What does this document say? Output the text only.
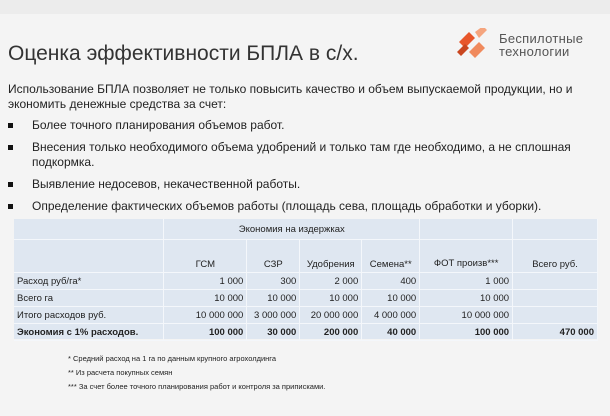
Оценка эффективности БПЛА в с/х.
Беспилотные
технологии
Использование БПЛА позволяет не только повысить качество и объем выпускаемой продукции, но и экономить денежные средства за счет:
Более точного планирования объемов работ.
Внесения только необходимого объема удобрений и только там где необходимо, а не сплошная подкормка.
Выявление недосевов, некачественной работы.
Определение фактических объемов работы (площадь сева, площадь обработки и уборки).
	Экономия на издержках					
	ГСМ	СЗР	Удобрения	Семена**	ФОТ произв***	Всего руб.
Расход руб/га*	1 000	300	2 000	400	1 000	
Всего га	10 000	10 000	10 000	10 000	10 000	
Итого расходов руб.	10 000 000	3 000 000	20 000 000	4 000 000	10 000 000	
Экономия с 1% расходов.	100 000	30 000	200 000	40 000	100 000	470 000
* Средний расход на 1 га по данным крупного агрохолдинга
** Из расчета покупных семян
*** За счет более точного планирования работ и контроля за приписками.
